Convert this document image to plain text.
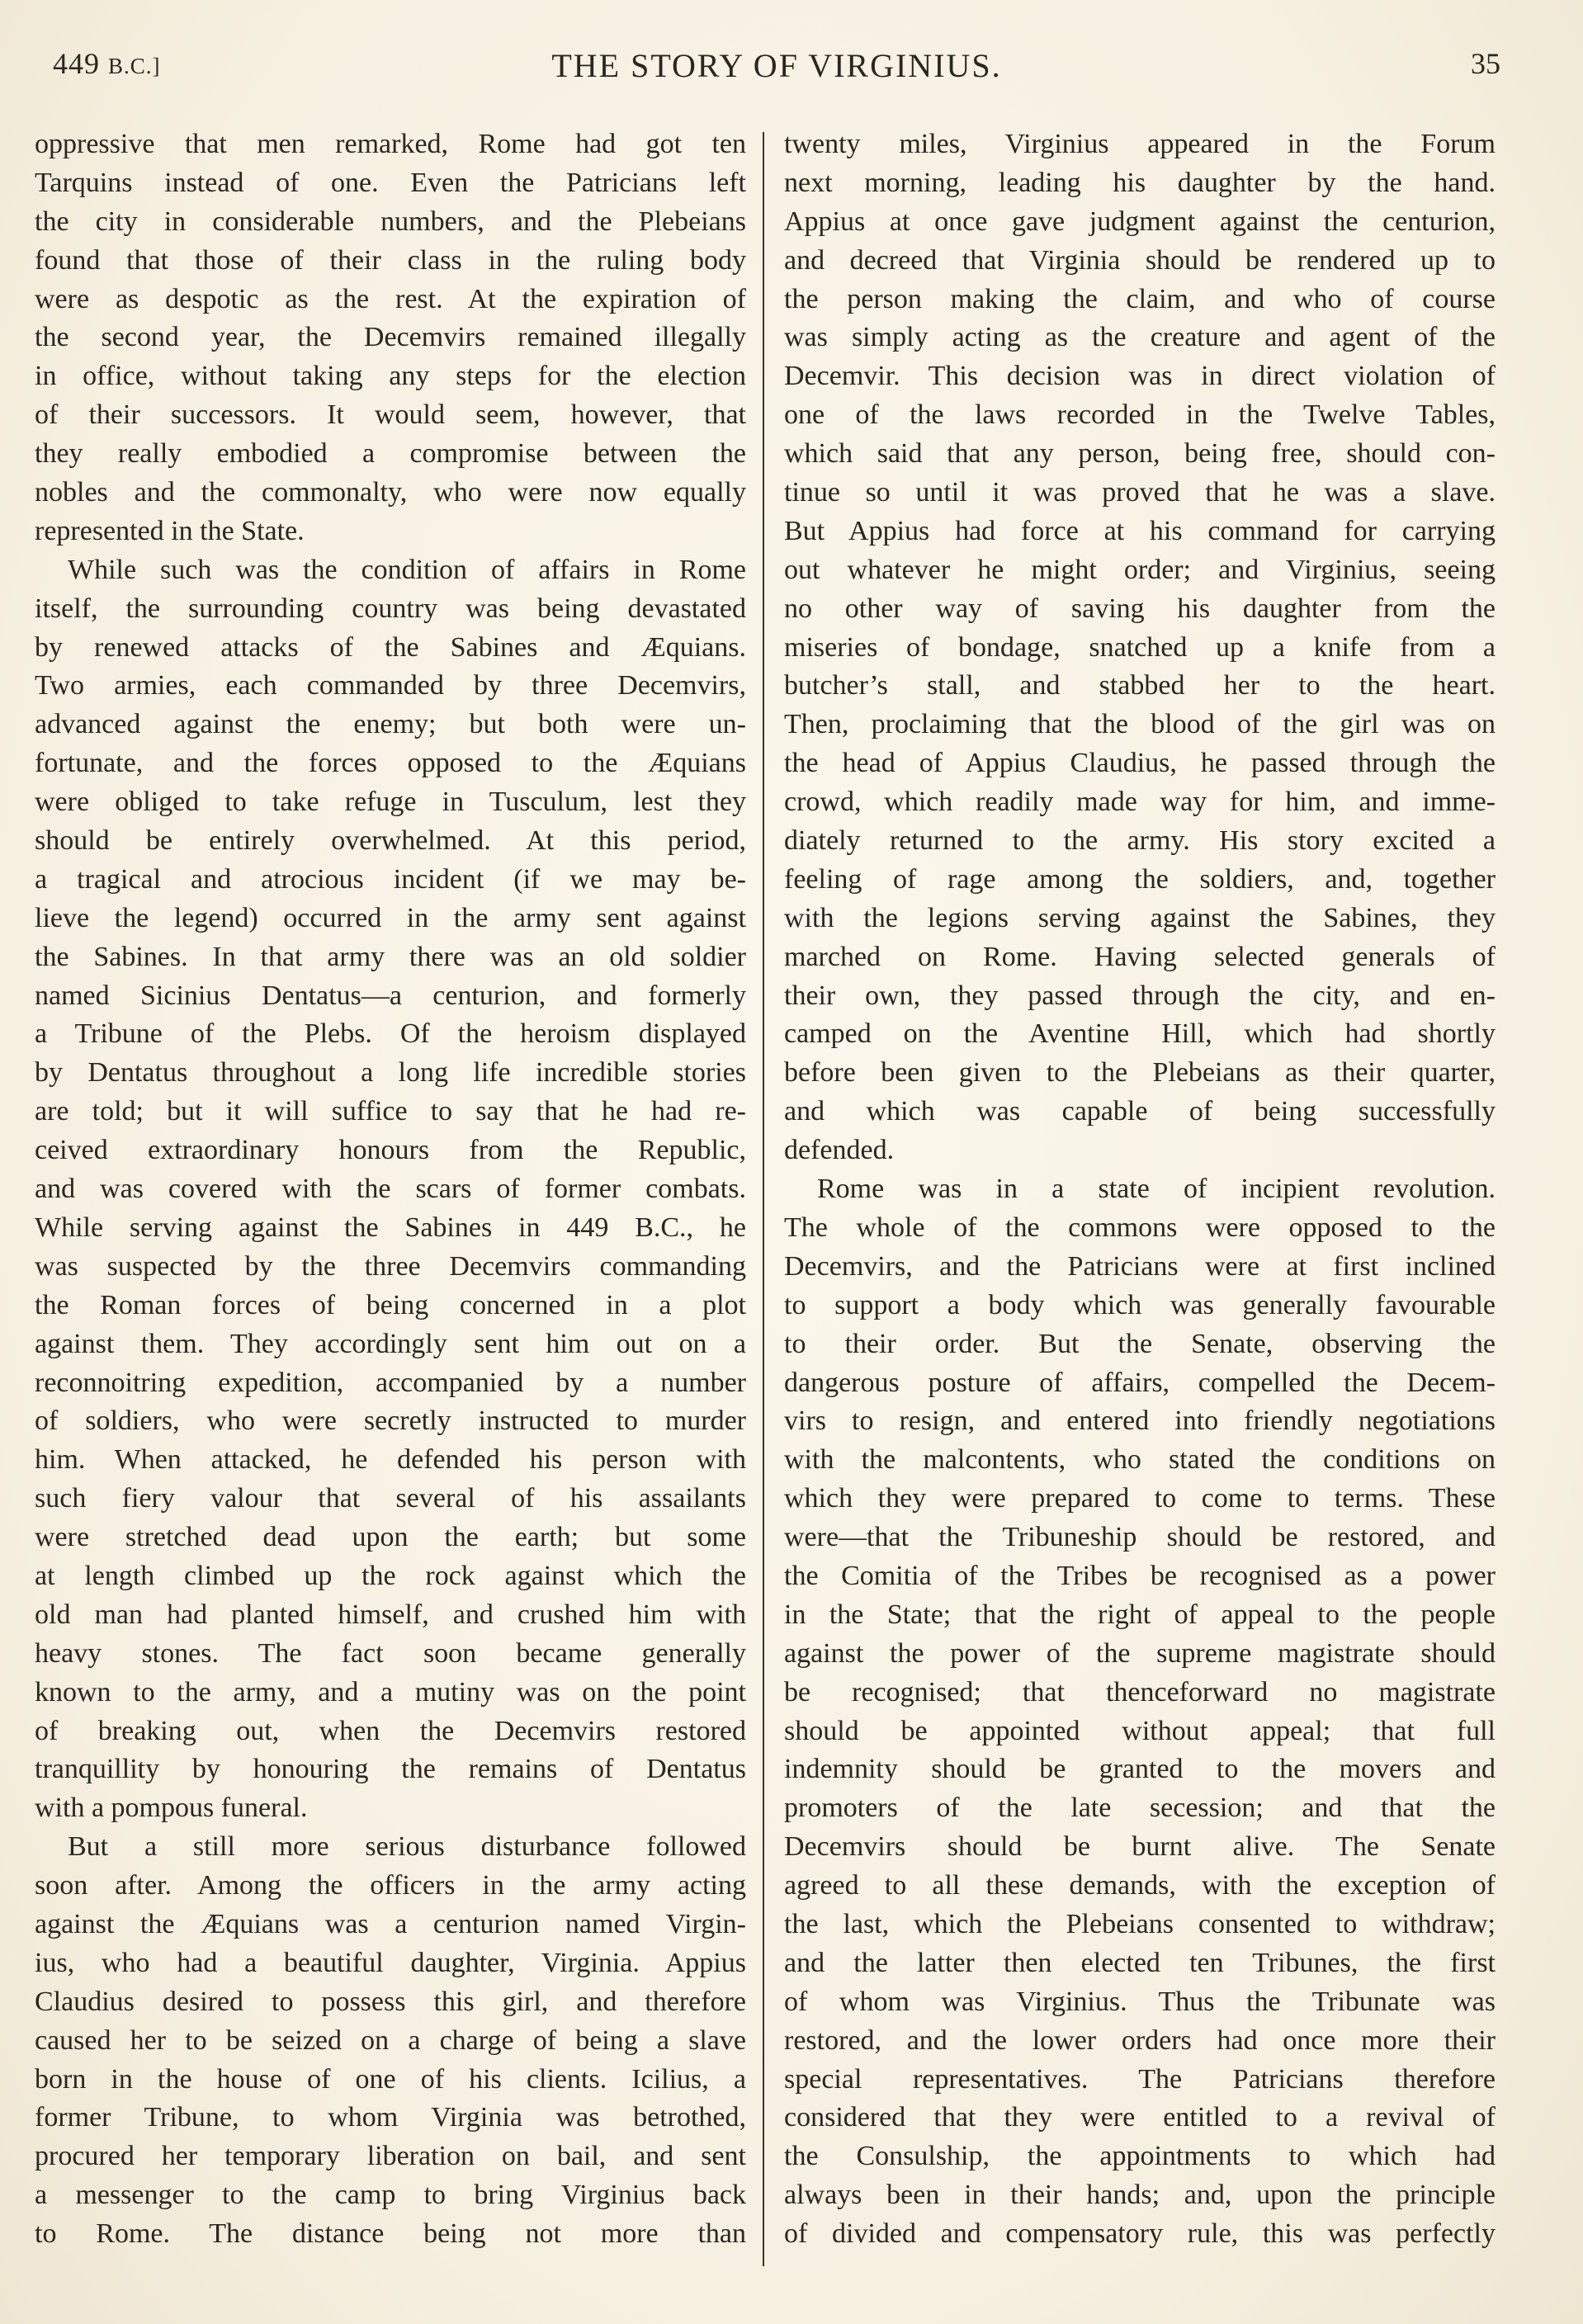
449 B.C.]	THE STORY OF VIRGINIUS.	35
oppressive that men remarked, Rome had got ten
Tarquins instead of one. Even the Patricians left
the city in considerable numbers, and the Plebeians
found that those of their class in the ruling body
were as despotic as the rest. At the expiration of
the second year, the Decemvirs remained illegally
in office, without taking any steps for the election
of their successors. It would seem, however, that
they really embodied a compromise between the
nobles and the commonalty, who were now equally
represented in the State.
While such was the condition of affairs in Rome
itself, the surrounding country was being devastated
by renewed attacks of the Sabines and Æquians.
Two armies, each commanded by three Decemvirs,
advanced against the enemy; but both were un-
fortunate, and the forces opposed to the Æquians
were obliged to take refuge in Tusculum, lest they
should be entirely overwhelmed. At this period,
a tragical and atrocious incident (if we may be-
lieve the legend) occurred in the army sent against
the Sabines. In that army there was an old soldier
named Sicinius Dentatus—a centurion, and formerly
a Tribune of the Plebs. Of the heroism displayed
by Dentatus throughout a long life incredible stories
are told; but it will suffice to say that he had re-
ceived extraordinary honours from the Republic,
and was covered with the scars of former combats.
While serving against the Sabines in 449 B.C., he
was suspected by the three Decemvirs commanding
the Roman forces of being concerned in a plot
against them. They accordingly sent him out on a
reconnoitring expedition, accompanied by a number
of soldiers, who were secretly instructed to murder
him. When attacked, he defended his person with
such fiery valour that several of his assailants
were stretched dead upon the earth; but some
at length climbed up the rock against which the
old man had planted himself, and crushed him with
heavy stones. The fact soon became generally
known to the army, and a mutiny was on the point
of breaking out, when the Decemvirs restored
tranquillity by honouring the remains of Dentatus
with a pompous funeral.
But a still more serious disturbance followed
soon after. Among the officers in the army acting
against the Æquians was a centurion named Virgin-
ius, who had a beautiful daughter, Virginia. Appius
Claudius desired to possess this girl, and therefore
caused her to be seized on a charge of being a slave
born in the house of one of his clients. Icilius, a
former Tribune, to whom Virginia was betrothed,
procured her temporary liberation on bail, and sent
a messenger to the camp to bring Virginius back
to Rome. The distance being not more than
twenty miles, Virginius appeared in the Forum
next morning, leading his daughter by the hand.
Appius at once gave judgment against the centurion,
and decreed that Virginia should be rendered up to
the person making the claim, and who of course
was simply acting as the creature and agent of the
Decemvir. This decision was in direct violation of
one of the laws recorded in the Twelve Tables,
which said that any person, being free, should con-
tinue so until it was proved that he was a slave.
But Appius had force at his command for carrying
out whatever he might order; and Virginius, seeing
no other way of saving his daughter from the
miseries of bondage, snatched up a knife from a
butcher’s stall, and stabbed her to the heart.
Then, proclaiming that the blood of the girl was on
the head of Appius Claudius, he passed through the
crowd, which readily made way for him, and imme-
diately returned to the army. His story excited a
feeling of rage among the soldiers, and, together
with the legions serving against the Sabines, they
marched on Rome. Having selected generals of
their own, they passed through the city, and en-
camped on the Aventine Hill, which had shortly
before been given to the Plebeians as their quarter,
and which was capable of being successfully
defended.
Rome was in a state of incipient revolution.
The whole of the commons were opposed to the
Decemvirs, and the Patricians were at first inclined
to support a body which was generally favourable
to their order. But the Senate, observing the
dangerous posture of affairs, compelled the Decem-
virs to resign, and entered into friendly negotiations
with the malcontents, who stated the conditions on
which they were prepared to come to terms. These
were—that the Tribuneship should be restored, and
the Comitia of the Tribes be recognised as a power
in the State; that the right of appeal to the people
against the power of the supreme magistrate should
be recognised; that thenceforward no magistrate
should be appointed without appeal; that full
indemnity should be granted to the movers and
promoters of the late secession; and that the
Decemvirs should be burnt alive. The Senate
agreed to all these demands, with the exception of
the last, which the Plebeians consented to withdraw;
and the latter then elected ten Tribunes, the first
of whom was Virginius. Thus the Tribunate was
restored, and the lower orders had once more their
special representatives. The Patricians therefore
considered that they were entitled to a revival of
the Consulship, the appointments to which had
always been in their hands; and, upon the principle
of divided and compensatory rule, this was perfectly
